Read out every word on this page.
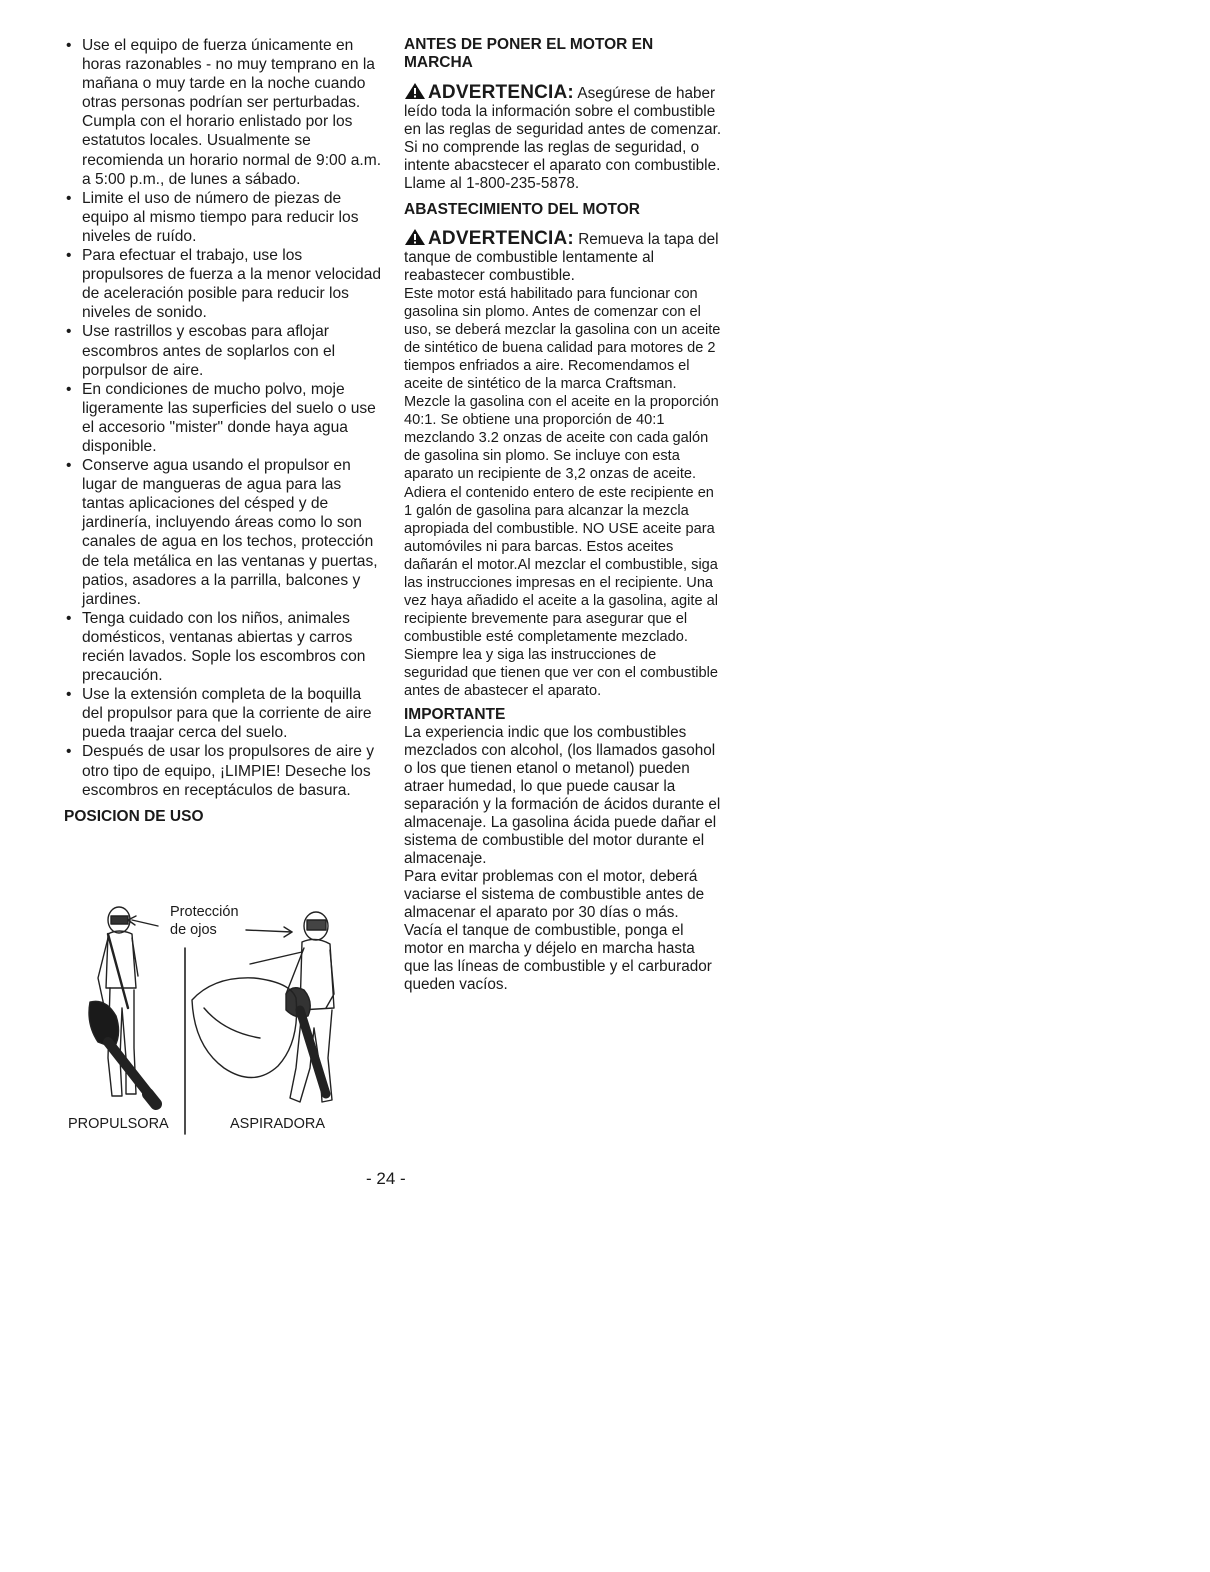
• Use el equipo de fuerza únicamente en horas razonables - no muy temprano en la mañana o muy tarde en la noche cuando otras personas podrían ser perturbadas. Cumpla con el horario enlistado por los estatutos locales. Usualmente se recomienda un horario normal de 9:00 a.m. a 5:00 p.m., de lunes a sábado.
• Limite el uso de número de piezas de equipo al mismo tiempo para reducir los niveles de ruído.
• Para efectuar el trabajo, use los propulsores de fuerza a la menor velocidad de aceleración posible para reducir los niveles de sonido.
• Use rastrillos y escobas para aflojar escombros antes de soplarlos con el porpulsor de aire.
• En condiciones de mucho polvo, moje ligeramente las superficies del suelo o use el accesorio "mister" donde haya agua disponible.
• Conserve agua usando el propulsor en lugar de mangueras de agua para las tantas aplicaciones del césped y de jardinería, incluyendo áreas como lo son canales de agua en los techos, protección de tela metálica en las ventanas y puertas, patios, asadores a la parrilla, balcones y jardines.
• Tenga cuidado con los niños, animales domésticos, ventanas abiertas y carros recién lavados. Sople los escombros con precaución.
• Use la extensión completa de la boquilla del propulsor para que la corriente de aire pueda traajar cerca del suelo.
• Después de usar los propulsores de aire y otro tipo de equipo, ¡LIMPIE! Deseche los escombros en receptáculos de basura.
POSICION DE USO
Protección
de ojos
PROPULSORA	ASPIRADORA
ANTES DE PONER EL MOTOR EN MARCHA

ADVERTENCIA: Asegúrese de haber leído toda la información sobre el combustible en las reglas de seguridad antes de comenzar. Si no comprende las reglas de seguridad, o intente abacstecer el aparato con combustible. Llame al 1-800-235-5878.

ABASTECIMIENTO DEL MOTOR

ADVERTENCIA: Remueva la tapa del tanque de combustible lentamente al reabastecer combustible.

Este motor está habilitado para funcionar con gasolina sin plomo. Antes de comenzar con el uso, se deberá mezclar la gasolina con un aceite de sintético de buena calidad para motores de 2 tiempos enfriados a aire. Recomendamos el aceite de sintético de la marca Craftsman. Mezcle la gasolina con el aceite en la proporción 40:1. Se obtiene una proporción de 40:1 mezclando 3.2 onzas de aceite con cada galón de gasolina sin plomo. Se incluye con esta aparato un recipiente de 3,2 onzas de aceite. Adiera el contenido entero de este recipiente en 1 galón de gasolina para alcanzar la mezcla apropiada del combustible. NO USE aceite para automóviles ni para barcas. Estos aceites dañarán el motor.Al mezclar el combustible, siga las instrucciones impresas en el recipiente. Una vez haya añadido el aceite a la gasolina, agite al recipiente brevemente para asegurar que el combustible esté completamente mezclado. Siempre lea y siga las instrucciones de seguridad que tienen que ver con el combustible antes de abastecer el aparato.

IMPORTANTE

La experiencia indic que los combustibles mezclados con alcohol, (los llamados gasohol o los que tienen etanol o metanol) pueden atraer humedad, lo que puede causar la separación y la formación de ácidos durante el almacenaje. La gasolina ácida puede dañar el sistema de combustible del motor durante el almacenaje.

Para evitar problemas con el motor, deberá vaciarse el sistema de combustible antes de almacenar el aparato por 30 días o más.

Vacía el tanque de combustible, ponga el motor en marcha y déjelo en marcha hasta que las líneas de combustible y el carburador queden vacíos.

- 24 -
